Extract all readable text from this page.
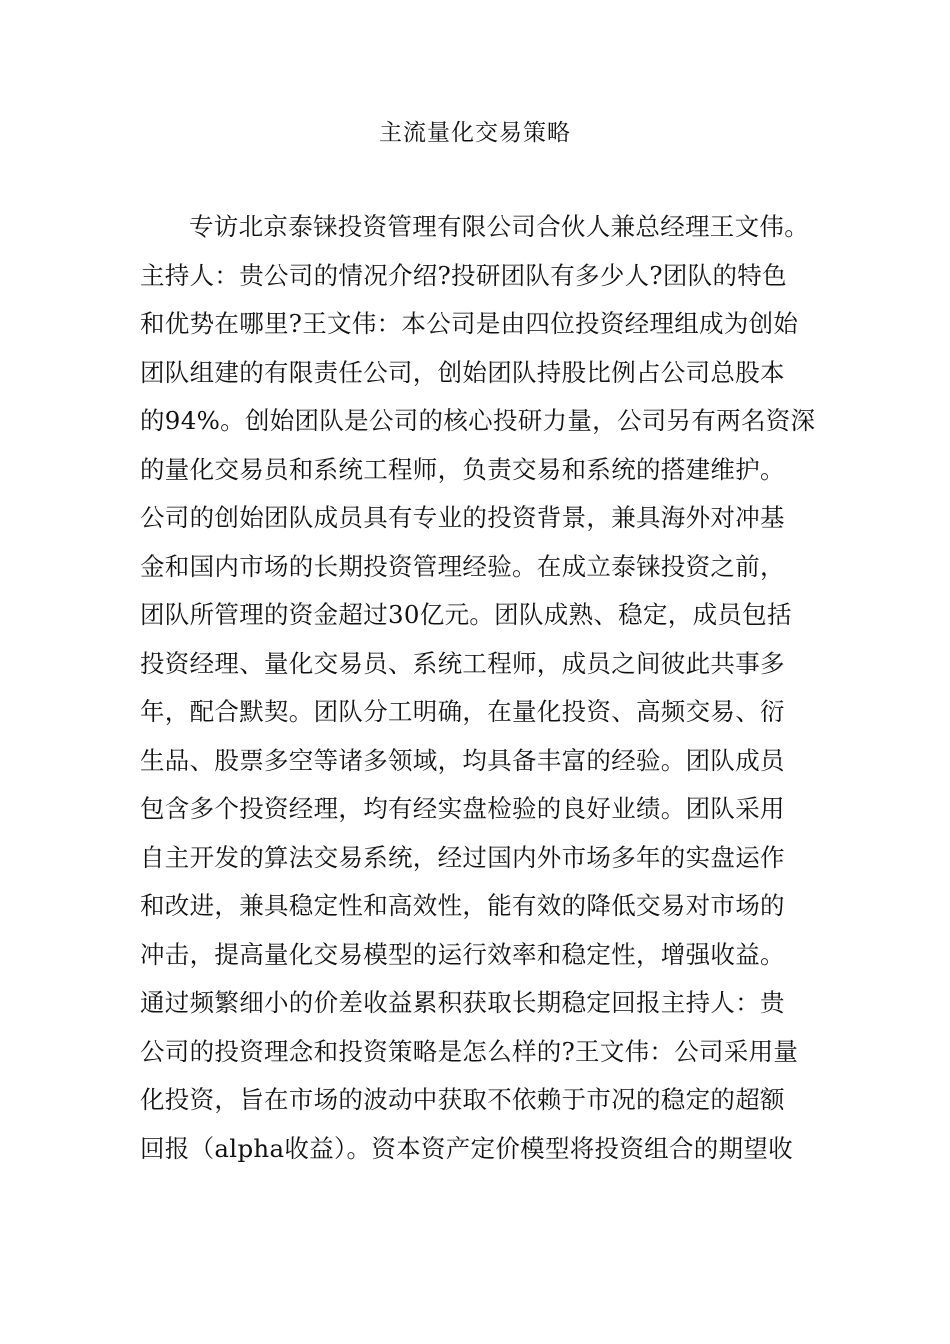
主流量化交易策略
专访北京泰铼投资管理有限公司合伙人兼总经理王文伟。
主持人：贵公司的情况介绍?投研团队有多少人?团队的特色
和优势在哪里?王文伟：本公司是由四位投资经理组成为创始
团队组建的有限责任公司，创始团队持股比例占公司总股本
的94%。创始团队是公司的核心投研力量，公司另有两名资深
的量化交易员和系统工程师，负责交易和系统的搭建维护。
公司的创始团队成员具有专业的投资背景，兼具海外对冲基
金和国内市场的长期投资管理经验。在成立泰铼投资之前，
团队所管理的资金超过30亿元。团队成熟、稳定，成员包括
投资经理、量化交易员、系统工程师，成员之间彼此共事多
年，配合默契。团队分工明确，在量化投资、高频交易、衍
生品、股票多空等诸多领域，均具备丰富的经验。团队成员
包含多个投资经理，均有经实盘检验的良好业绩。团队采用
自主开发的算法交易系统，经过国内外市场多年的实盘运作
和改进，兼具稳定性和高效性，能有效的降低交易对市场的
冲击，提高量化交易模型的运行效率和稳定性，增强收益。
通过频繁细小的价差收益累积获取长期稳定回报主持人：贵
公司的投资理念和投资策略是怎么样的?王文伟：公司采用量
化投资，旨在市场的波动中获取不依赖于市况的稳定的超额
回报（alpha收益）。资本资产定价模型将投资组合的期望收
